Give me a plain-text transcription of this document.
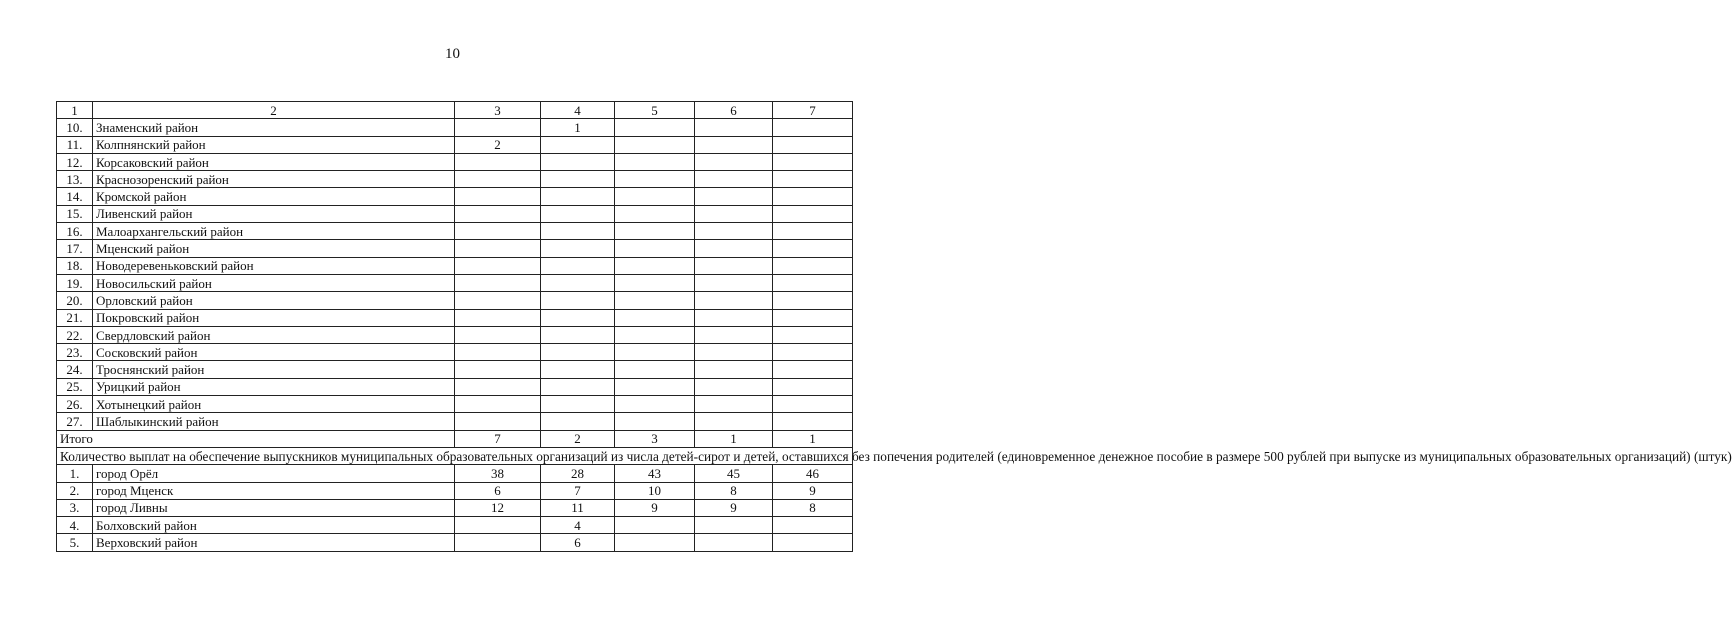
10
1	2	3	4	5	6	7
10.	Знаменский район		1			
11.	Колпнянский район	2				
12.	Корсаковский район					
13.	Краснозоренский район					
14.	Кромской район					
15.	Ливенский район					
16.	Малоархангельский район					
17.	Мценский район					
18.	Новодеревеньковский район					
19.	Новосильский район					
20.	Орловский район					
21.	Покровский район					
22.	Свердловский район					
23.	Сосковский район					
24.	Троснянский район					
25.	Урицкий район					
26.	Хотынецкий район					
27.	Шаблыкинский район					
Итого		7	2	3	1	1
Количество выплат на обеспечение выпускников муниципальных образовательных организаций из числа детей-сирот и детей, оставшихся без попечения родителей (единовременное денежное пособие в размере 500 рублей при выпуске из муниципальных образовательных организаций) (штук)						
1.	город Орёл	38	28	43	45	46
2.	город Мценск	6	7	10	8	9
3.	город Ливны	12	11	9	9	8
4.	Болховский район		4			
5.	Верховский район		6			
